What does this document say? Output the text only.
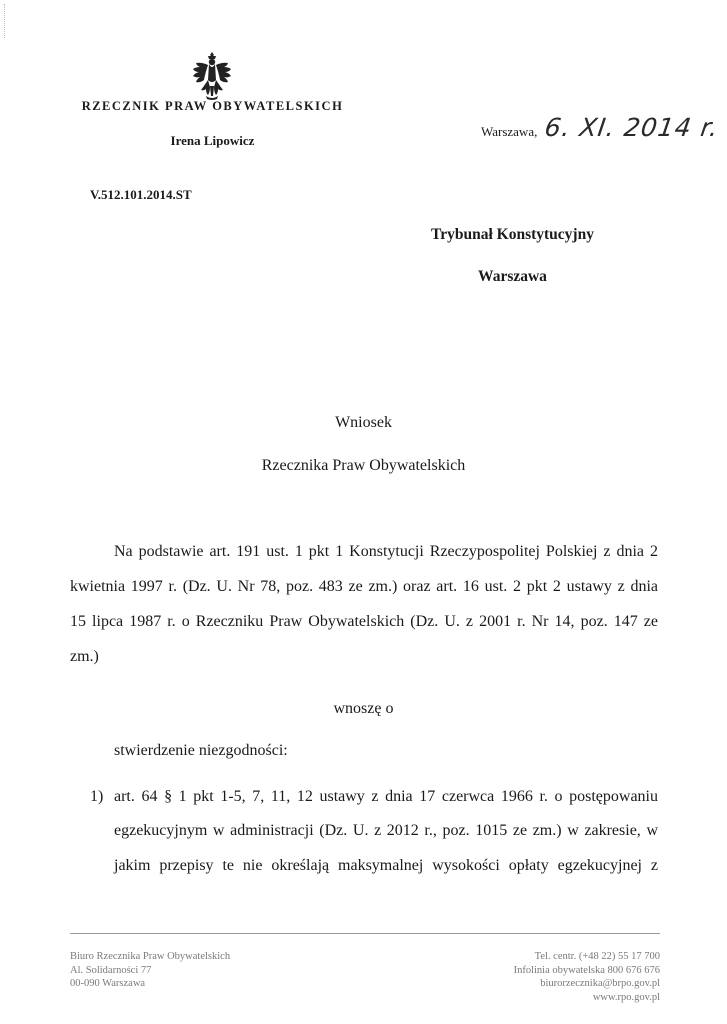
RZECZNIK PRAW OBYWATELSKICH
Irena Lipowicz
V.512.101.2014.ST
Warszawa, 6. XI. 2014 r.
Trybunał Konstytucyjny
Warszawa
Wniosek
Rzecznika Praw Obywatelskich
Na podstawie art. 191 ust. 1 pkt 1 Konstytucji Rzeczypospolitej Polskiej z dnia 2
kwietnia 1997 r. (Dz. U. Nr 78, poz. 483 ze zm.) oraz art. 16 ust. 2 pkt 2 ustawy z dnia
15 lipca 1987 r. o Rzeczniku Praw Obywatelskich (Dz. U. z 2001 r. Nr 14, poz. 147 ze
zm.)
wnoszę o
stwierdzenie niezgodności:
1) art. 64 § 1 pkt 1-5, 7, 11, 12 ustawy z dnia 17 czerwca 1966 r. o postępowaniu
egzekucyjnym w administracji (Dz. U. z 2012 r., poz. 1015 ze zm.) w zakresie, w
jakim przepisy te nie określają maksymalnej wysokości opłaty egzekucyjnej z
Biuro Rzecznika Praw Obywatelskich
Al. Solidarności 77
00-090 Warszawa
Tel. centr. (+48 22) 55 17 700
Infolinia obywatelska 800 676 676
biurorzecznika@brpo.gov.pl
www.rpo.gov.pl
